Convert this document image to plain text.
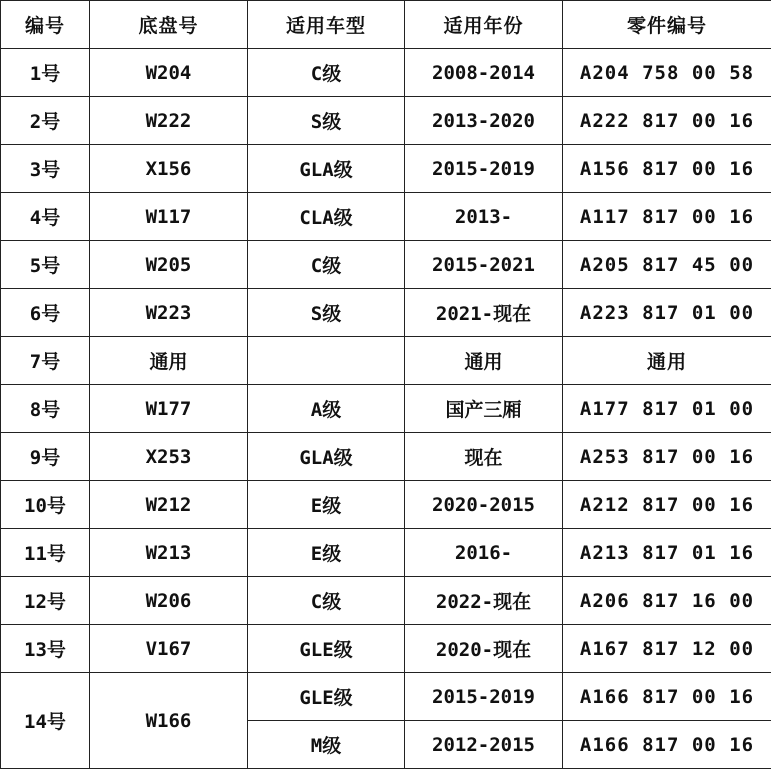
编号	底盘号	适用车型	适用年份	零件编号
1号	W204	C级	2008-2014	A204 758 00 58
2号	W222	S级	2013-2020	A222 817 00 16
3号	X156	GLA级	2015-2019	A156 817 00 16
4号	W117	CLA级	2013-	A117 817 00 16
5号	W205	C级	2015-2021	A205 817 45 00
6号	W223	S级	2021-现在	A223 817 01 00
7号	通用		通用	通用
8号	W177	A级	国产三厢	A177 817 01 00
9号	X253	GLA级	现在	A253 817 00 16
10号	W212	E级	2020-2015	A212 817 00 16
11号	W213	E级	2016-	A213 817 01 16
12号	W206	C级	2022-现在	A206 817 16 00
13号	V167	GLE级	2020-现在	A167 817 12 00
14号	W166	GLE级	2015-2019	A166 817 00 16
		M级	2012-2015	A166 817 00 16
